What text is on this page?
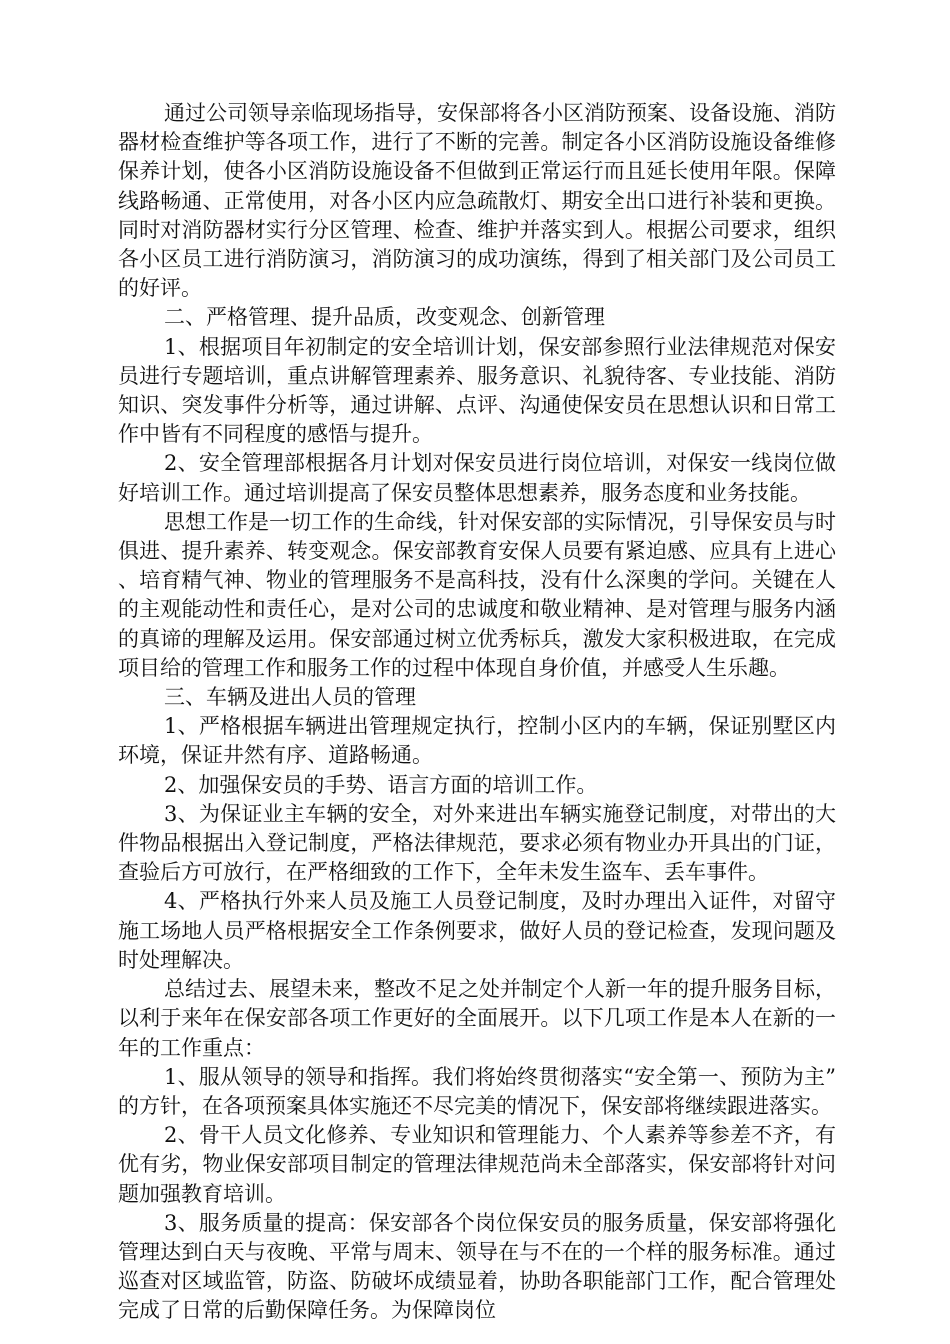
通过公司领导亲临现场指导，安保部将各小区消防预案、设备设施、消防器材检查维护等各项工作，进行了不断的完善。制定各小区消防设施设备维修保养计划，使各小区消防设施设备不但做到正常运行而且延长使用年限。保障线路畅通、正常使用，对各小区内应急疏散灯、期安全出口进行补装和更换。同时对消防器材实行分区管理、检查、维护并落实到人。根据公司要求，组织各小区员工进行消防演习，消防演习的成功演练，得到了相关部门及公司员工的好评。

二、严格管理、提升品质，改变观念、创新管理

1、根据项目年初制定的安全培训计划，保安部参照行业法律规范对保安员进行专题培训，重点讲解管理素养、服务意识、礼貌待客、专业技能、消防知识、突发事件分析等，通过讲解、点评、沟通使保安员在思想认识和日常工作中皆有不同程度的感悟与提升。

2、安全管理部根据各月计划对保安员进行岗位培训，对保安一线岗位做好培训工作。通过培训提高了保安员整体思想素养，服务态度和业务技能。

思想工作是一切工作的生命线，针对保安部的实际情况，引导保安员与时俱进、提升素养、转变观念。保安部教育安保人员要有紧迫感、应具有上进心、培育精气神、物业的管理服务不是高科技，没有什么深奥的学问。关键在人的主观能动性和责任心，是对公司的忠诚度和敬业精神、是对管理与服务内涵的真谛的理解及运用。保安部通过树立优秀标兵，激发大家积极进取，在完成项目给的管理工作和服务工作的过程中体现自身价值，并感受人生乐趣。

三、车辆及进出人员的管理

1、严格根据车辆进出管理规定执行，控制小区内的车辆，保证别墅区内环境，保证井然有序、道路畅通。

2、加强保安员的手势、语言方面的培训工作。

3、为保证业主车辆的安全，对外来进出车辆实施登记制度，对带出的大件物品根据出入登记制度，严格法律规范，要求必须有物业办开具出的门证，查验后方可放行，在严格细致的工作下，全年未发生盗车、丢车事件。

4、严格执行外来人员及施工人员登记制度，及时办理出入证件，对留守施工场地人员严格根据安全工作条例要求，做好人员的登记检查，发现问题及时处理解决。

总结过去、展望未来，整改不足之处并制定个人新一年的提升服务目标，以利于来年在保安部各项工作更好的全面展开。以下几项工作是本人在新的一年的工作重点：

1、服从领导的领导和指挥。我们将始终贯彻落实“安全第一、预防为主”的方针，在各项预案具体实施还不尽完美的情况下，保安部将继续跟进落实。

2、骨干人员文化修养、专业知识和管理能力、个人素养等参差不齐，有优有劣，物业保安部项目制定的管理法律规范尚未全部落实，保安部将针对问题加强教育培训。

3、服务质量的提高：保安部各个岗位保安员的服务质量，保安部将强化管理达到白天与夜晚、平常与周末、领导在与不在的一个样的服务标准。通过巡查对区域监管，防盗、防破坏成绩显着，协助各职能部门工作，配合管理处完成了日常的后勤保障任务。为保障岗位
